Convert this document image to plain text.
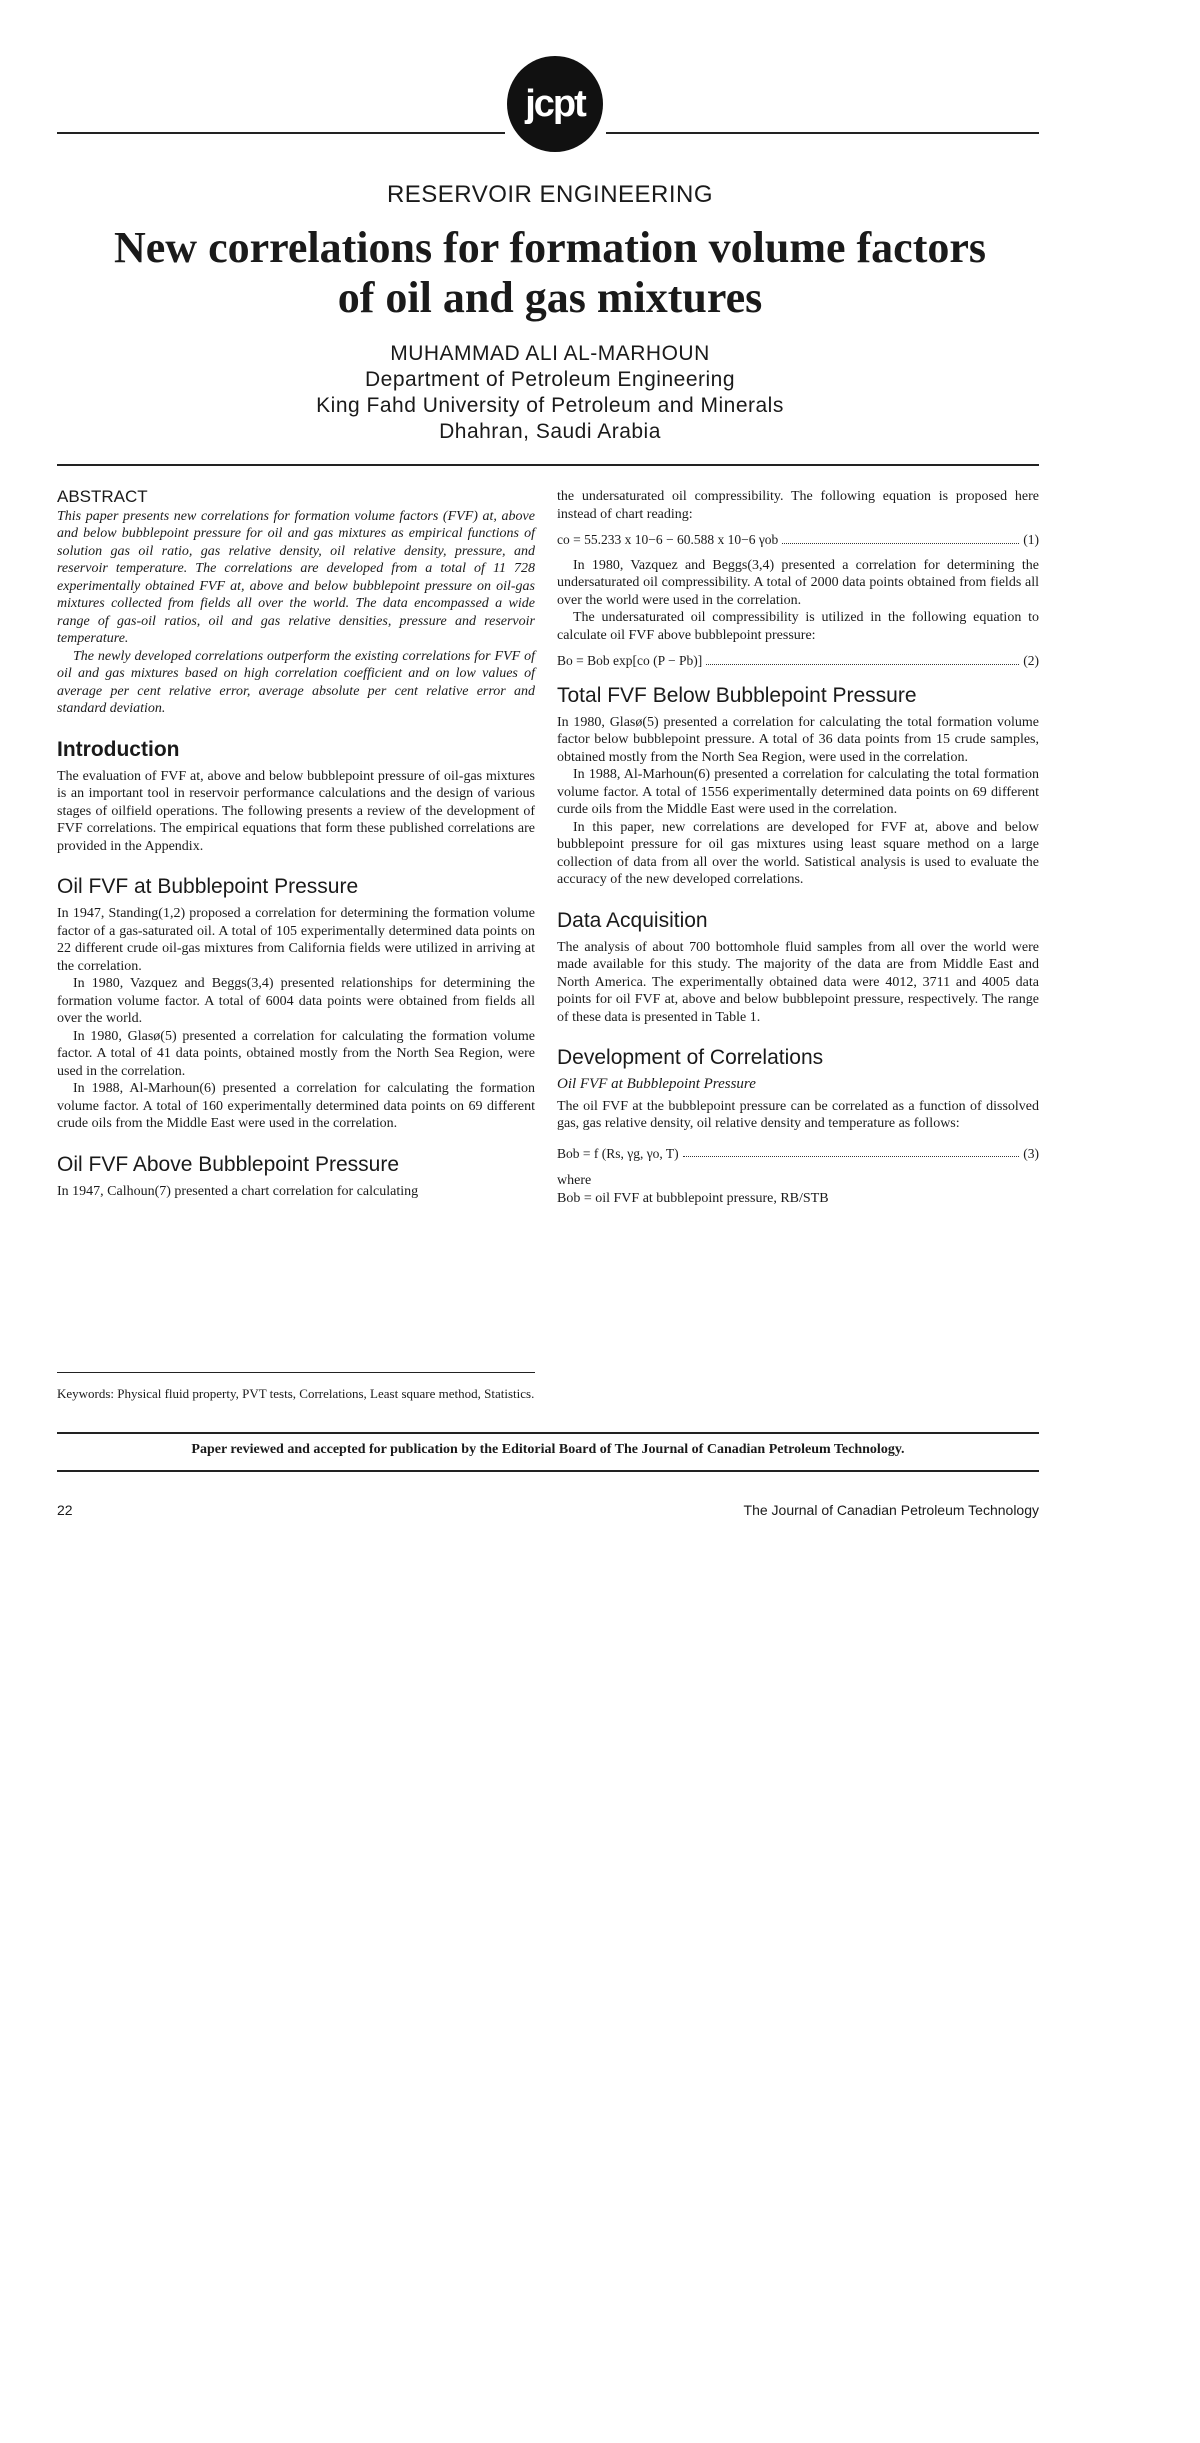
jcpt
RESERVOIR ENGINEERING
New correlations for formation volume factors
of oil and gas mixtures
MUHAMMAD ALI AL-MARHOUN
Department of Petroleum Engineering
King Fahd University of Petroleum and Minerals
Dhahran, Saudi Arabia
ABSTRACT

This paper presents new correlations for formation volume factors (FVF) at, above and below bubblepoint pressure for oil and gas mixtures as empirical functions of solution gas oil ratio, gas relative density, oil relative density, pressure, and reservoir temperature. The correlations are developed from a total of 11 728 experimentally obtained FVF at, above and below bubblepoint pressure on oil-gas mixtures collected from fields all over the world. The data encompassed a wide range of gas-oil ratios, oil and gas relative densities, pressure and reservoir temperature.

The newly developed correlations outperform the existing correlations for FVF of oil and gas mixtures based on high correlation coefficient and on low values of average per cent relative error, average absolute per cent relative error and standard deviation.

Introduction

The evaluation of FVF at, above and below bubblepoint pressure of oil-gas mixtures is an important tool in reservoir performance calculations and the design of various stages of oilfield operations. The following presents a review of the development of FVF correlations. The empirical equations that form these published correlations are provided in the Appendix.

Oil FVF at Bubblepoint Pressure

In 1947, Standing(1,2) proposed a correlation for determining the formation volume factor of a gas-saturated oil. A total of 105 experimentally determined data points on 22 different crude oil-gas mixtures from California fields were utilized in arriving at the correlation.

In 1980, Vazquez and Beggs(3,4) presented relationships for determining the formation volume factor. A total of 6004 data points were obtained from fields all over the world.

In 1980, Glasø(5) presented a correlation for calculating the formation volume factor. A total of 41 data points, obtained mostly from the North Sea Region, were used in the correlation.

In 1988, Al-Marhoun(6) presented a correlation for calculating the formation volume factor. A total of 160 experimentally determined data points on 69 different crude oils from the Middle East were used in the correlation.

Oil FVF Above Bubblepoint Pressure

In 1947, Calhoun(7) presented a chart correlation for calculating

Keywords: Physical fluid property, PVT tests, Correlations, Least square method, Statistics.

the undersaturated oil compressibility. The following equation is proposed here instead of chart reading:

co = 55.233 x 10−6 − 60.588 x 10−6 γob	(1)

In 1980, Vazquez and Beggs(3,4) presented a correlation for determining the undersaturated oil compressibility. A total of 2000 data points obtained from fields all over the world were used in the correlation.

The undersaturated oil compressibility is utilized in the following equation to calculate oil FVF above bubblepoint pressure:

Bo = Bob exp[co (P − Pb)]	(2)
Total FVF Below Bubblepoint Pressure

In 1980, Glasø(5) presented a correlation for calculating the total formation volume factor below bubblepoint pressure. A total of 36 data points from 15 crude samples, obtained mostly from the North Sea Region, were used in the correlation.

In 1988, Al-Marhoun(6) presented a correlation for calculating the total formation volume factor. A total of 1556 experimentally determined data points on 69 different curde oils from the Middle East were used in the correlation.

In this paper, new correlations are developed for FVF at, above and below bubblepoint pressure for oil gas mixtures using least square method on a large collection of data from all over the world. Satistical analysis is used to evaluate the accuracy of the new developed correlations.

Data Acquisition

The analysis of about 700 bottomhole fluid samples from all over the world were made available for this study. The majority of the data are from Middle East and North America. The experimentally obtained data were 4012, 3711 and 4005 data points for oil FVF at, above and below bubblepoint pressure, respectively. The range of these data is presented in Table 1.

Development of Correlations
Oil FVF at Bubblepoint Pressure

The oil FVF at the bubblepoint pressure can be correlated as a function of dissolved gas, gas relative density, oil relative density and temperature as follows:

Bob = f (Rs, γg, γo, T)	(3)

where

Bob = oil FVF at bubblepoint pressure, RB/STB

Paper reviewed and accepted for publication by the Editorial Board of The Journal of Canadian Petroleum Technology.
22	The Journal of Canadian Petroleum Technology
